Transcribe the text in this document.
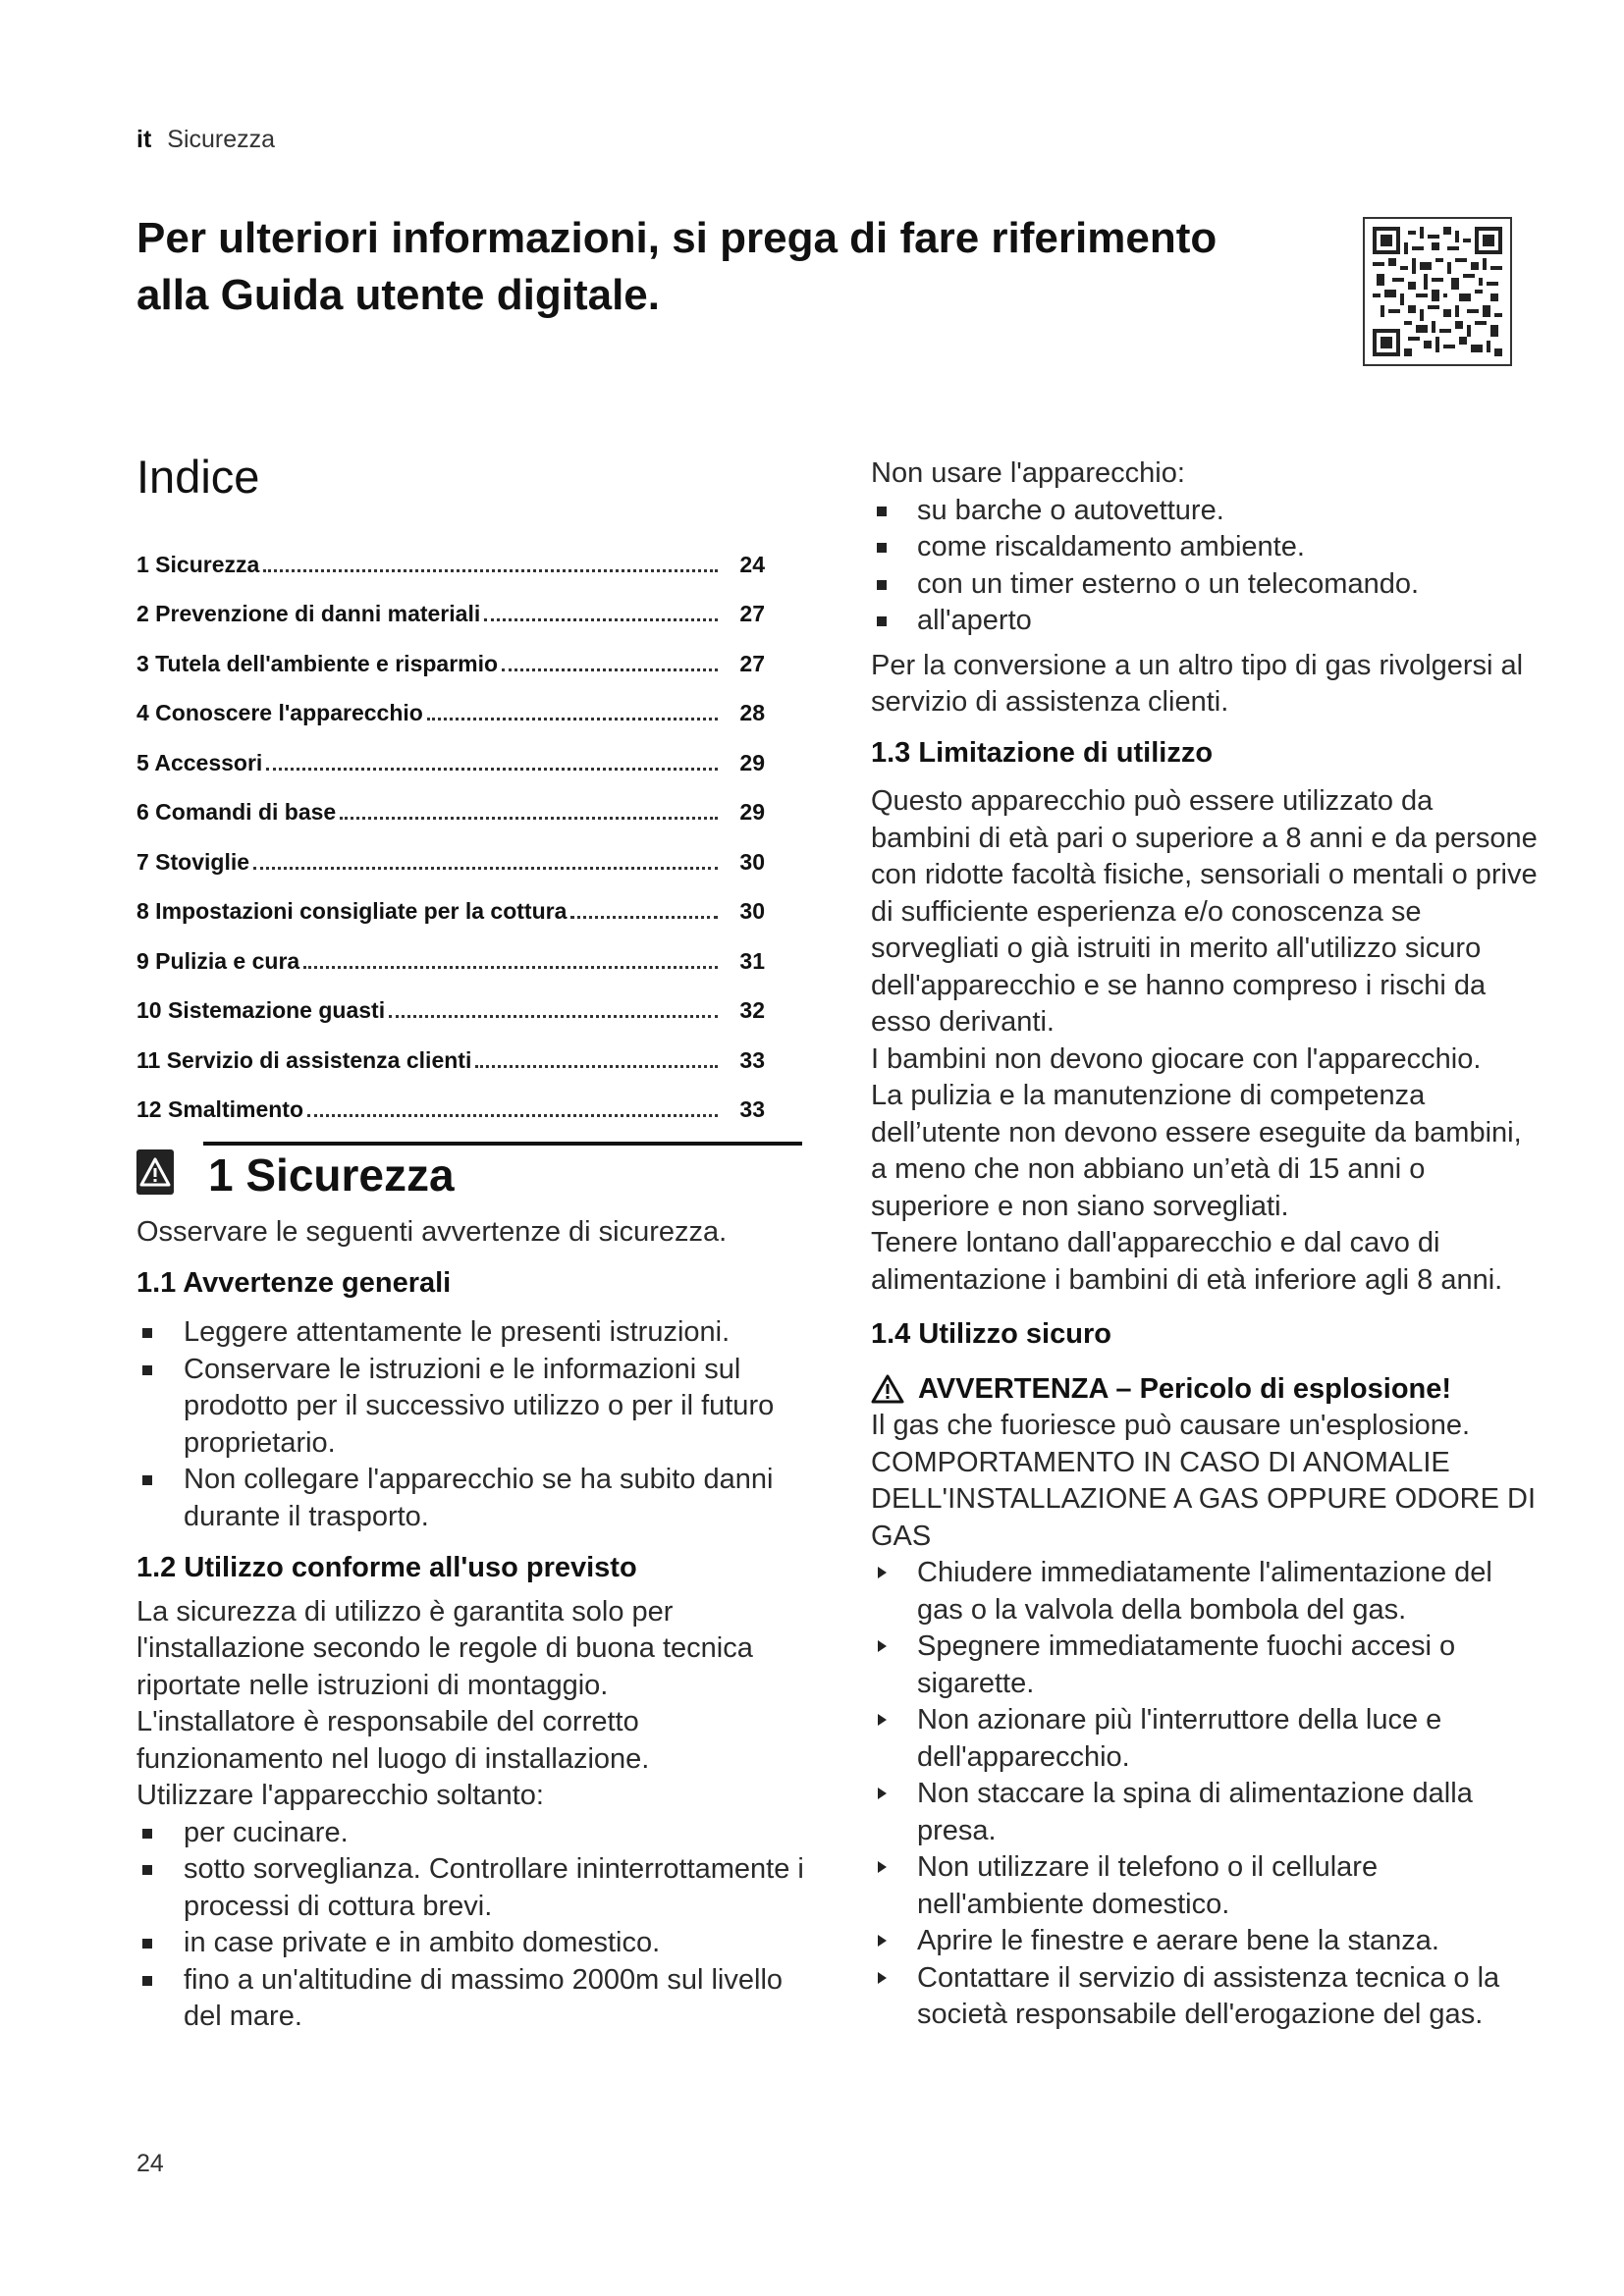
it Sicurezza
Per ulteriori informazioni, si prega di fare riferimento
alla Guida utente digitale.
Indice
1 Sicurezza	24
2 Prevenzione di danni materiali	27
3 Tutela dell'ambiente e risparmio	27
4 Conoscere l'apparecchio	28
5 Accessori	29
6 Comandi di base	29
7 Stoviglie	30
8 Impostazioni consigliate per la cottura	30
9 Pulizia e cura	31
10 Sistemazione guasti	32
11 Servizio di assistenza clienti	33
12 Smaltimento	33
1 Sicurezza
Osservare le seguenti avvertenze di sicurezza.
1.1 Avvertenze generali
Leggere attentamente le presenti istruzioni.
Conservare le istruzioni e le informazioni sul prodotto per il successivo utilizzo o per il futuro proprietario.
Non collegare l'apparecchio se ha subito danni durante il trasporto.
1.2 Utilizzo conforme all'uso previsto
La sicurezza di utilizzo è garantita solo per l'installazione secondo le regole di buona tecnica riportate nelle istruzioni di montaggio.
L'installatore è responsabile del corretto funzionamento nel luogo di installazione.
Utilizzare l'apparecchio soltanto:
per cucinare.
sotto sorveglianza. Controllare ininterrottamente i processi di cottura brevi.
in case private e in ambito domestico.
fino a un'altitudine di massimo 2000m sul livello del mare.
Non usare l'apparecchio:
su barche o autovetture.
come riscaldamento ambiente.
con un timer esterno o un telecomando.
all'aperto
Per la conversione a un altro tipo di gas rivolgersi al servizio di assistenza clienti.
1.3 Limitazione di utilizzo
Questo apparecchio può essere utilizzato da bambini di età pari o superiore a 8 anni e da persone con ridotte facoltà fisiche, sensoriali o mentali o prive di sufficiente esperienza e/o conoscenza se sorvegliati o già istruiti in merito all'utilizzo sicuro dell'apparecchio e se hanno compreso i rischi da esso derivanti.
I bambini non devono giocare con l'apparecchio.
La pulizia e la manutenzione di competenza dell’utente non devono essere eseguite da bambini, a meno che non abbiano un’età di 15 anni o superiore e non siano sorvegliati.
Tenere lontano dall'apparecchio e dal cavo di alimentazione i bambini di età inferiore agli 8 anni.
1.4 Utilizzo sicuro
AVVERTENZA – Pericolo di esplosione!
Il gas che fuoriesce può causare un'esplosione. COMPORTAMENTO IN CASO DI ANOMALIE DELL'INSTALLAZIONE A GAS OPPURE ODORE DI GAS
Chiudere immediatamente l'alimentazione del gas o la valvola della bombola del gas.
Spegnere immediatamente fuochi accesi o sigarette.
Non azionare più l'interruttore della luce e dell'apparecchio.
Non staccare la spina di alimentazione dalla presa.
Non utilizzare il telefono o il cellulare nell'ambiente domestico.
Aprire le finestre e aerare bene la stanza.
Contattare il servizio di assistenza tecnica o la società responsabile dell'erogazione del gas.
24
